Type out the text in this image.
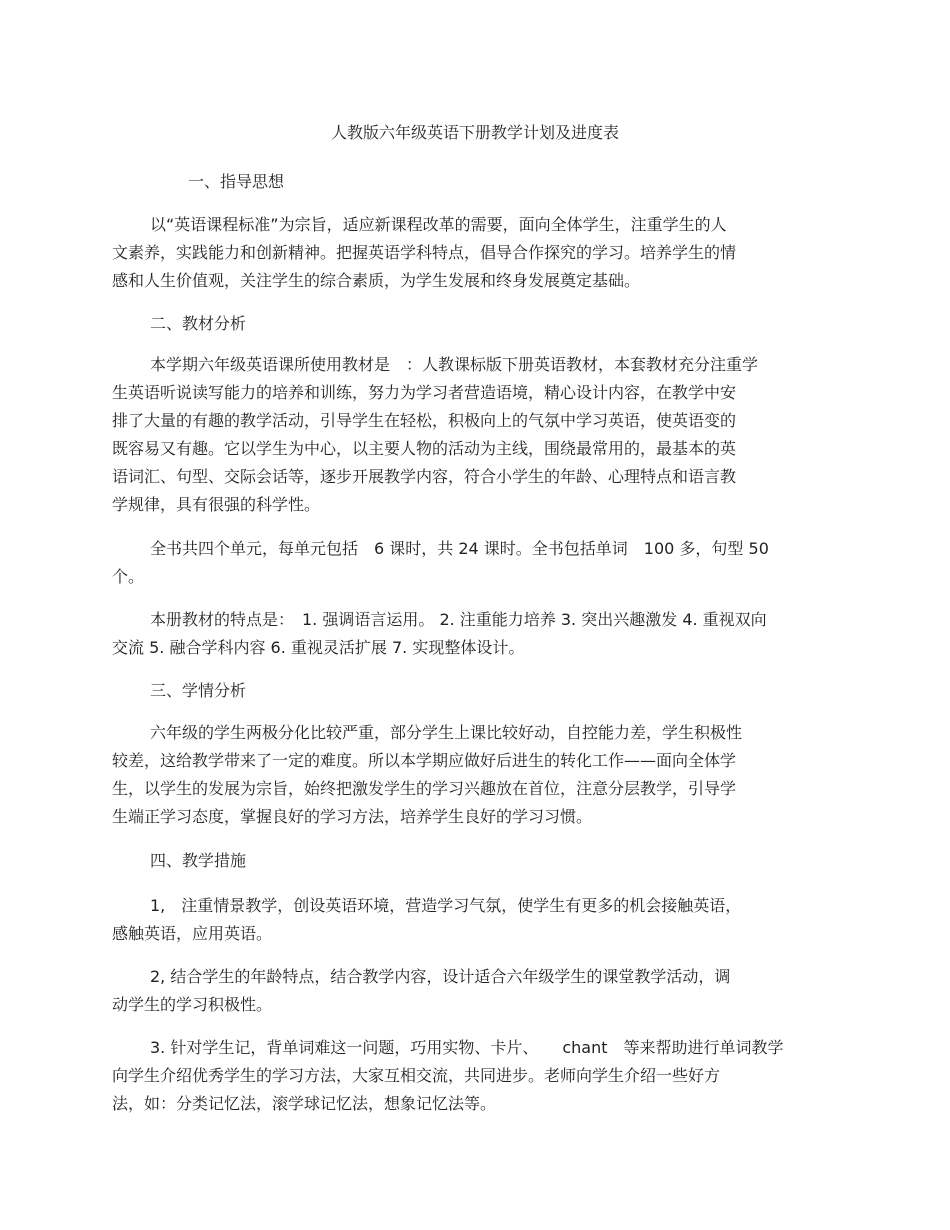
人教版六年级英语下册教学计划及进度表
一、指导思想
以“英语课程标准”为宗旨，适应新课程改革的需要，面向全体学生，注重学生的人
文素养，实践能力和创新精神。把握英语学科特点，倡导合作探究的学习。培养学生的情
感和人生价值观，关注学生的综合素质，为学生发展和终身发展奠定基础。
二、教材分析
本学期六年级英语课所使用教材是　：人教课标版下册英语教材，本套教材充分注重学
生英语听说读写能力的培养和训练，努力为学习者营造语境，精心设计内容，在教学中安
排了大量的有趣的教学活动，引导学生在轻松，积极向上的气氛中学习英语，使英语变的
既容易又有趣。它以学生为中心，以主要人物的活动为主线，围绕最常用的，最基本的英
语词汇、句型、交际会话等，逐步开展教学内容，符合小学生的年龄、心理特点和语言教
学规律，具有很强的科学性。
全书共四个单元，每单元包括　6 课时，共 24 课时。全书包括单词　100 多，句型 50
个。
本册教材的特点是：　1. 强调语言运用。 2. 注重能力培养 3. 突出兴趣激发 4. 重视双向
交流 5. 融合学科内容 6. 重视灵活扩展 7. 实现整体设计。
三、学情分析
六年级的学生两极分化比较严重，部分学生上课比较好动，自控能力差，学生积极性
较差，这给教学带来了一定的难度。所以本学期应做好后进生的转化工作——面向全体学
生，以学生的发展为宗旨，始终把激发学生的学习兴趣放在首位，注意分层教学，引导学
生端正学习态度，掌握良好的学习方法，培养学生良好的学习习惯。
四、教学措施
1,　注重情景教学，创设英语环境，营造学习气氛，使学生有更多的机会接触英语，
感触英语，应用英语。
2, 结合学生的年龄特点，结合教学内容，设计适合六年级学生的课堂教学活动，调
动学生的学习积极性。
3. 针对学生记，背单词难这一问题，巧用实物、卡片、　　chant　等来帮助进行单词教学
向学生介绍优秀学生的学习方法，大家互相交流，共同进步。老师向学生介绍一些好方
法，如：分类记忆法，滚学球记忆法，想象记忆法等。
